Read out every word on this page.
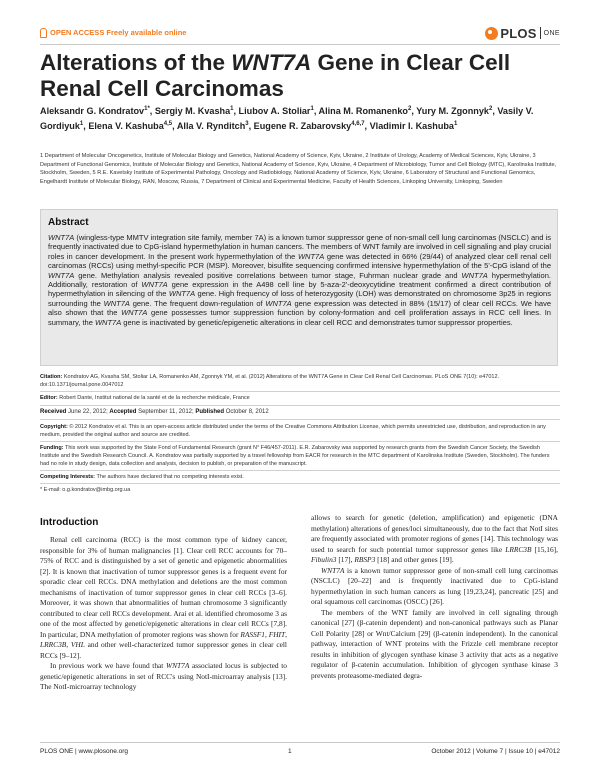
OPEN ACCESS Freely available online	PLOS ONE
Alterations of the WNT7A Gene in Clear Cell Renal Cell Carcinomas
Aleksandr G. Kondratov$^{1*}$, Sergiy M. Kvasha$^1$, Liubov A. Stoliar$^1$, Alina M. Romanenko$^2$, Yury M. Zgonnyk$^2$, Vasily V. Gordiyuk$^1$, Elena V. Kashuba$^{4,5}$, Alla V. Rynditch$^3$, Eugene R. Zabarovsky$^{4,6,7}$, Vladimir I. Kashuba$^1$
1 Department of Molecular Oncogenetics, Institute of Molecular Biology and Genetics, National Academy of Science, Kyiv, Ukraine, 2 Institute of Urology, Academy of Medical Sciences, Kyiv, Ukraine, 3 Department of Functional Genomics, Institute of Molecular Biology and Genetics, National Academy of Science, Kyiv, Ukraine, 4 Department of Microbiology, Tumor and Cell Biology (MTC), Karolinska Institute, Stockholm, Sweden, 5 R.E. Kavetsky Institute of Experimental Pathology, Oncology and Radiobiology, National Academy of Science, Kyiv, Ukraine, 6 Laboratory of Structural and Functional Genomics, Engelhardt Institute of Molecular Biology, RAN, Moscow, Russia, 7 Department of Clinical and Experimental Medicine, Faculty of Health Sciences, Linkoping University, Linkoping, Sweden
Abstract
WNT7A (wingless-type MMTV integration site family, member 7A) is a known tumor suppressor gene of non-small cell lung carcinomas (NSCLC) and is frequently inactivated due to CpG-island hypermethylation in human cancers. The members of WNT family are involved in cell signaling and play crucial roles in cancer development. In the present work hypermethylation of the WNT7A gene was detected in 66% (29/44) of analyzed clear cell renal cell carcinomas (RCCs) using methyl-specific PCR (MSP). Moreover, bisulfite sequencing confirmed intensive hypermethylation of the 5'-CpG island of the WNT7A gene. Methylation analysis revealed positive correlations between tumor stage, Fuhrman nuclear grade and WNT7A hypermethylation. Additionally, restoration of WNT7A gene expression in the A498 cell line by 5-aza-2'-deoxycytidine treatment confirmed a direct contribution of hypermethylation in silencing of the WNT7A gene. High frequency of loss of heterozygosity (LOH) was demonstrated on chromosome 3p25 in regions surrounding the WNT7A gene. The frequent down-regulation of WNT7A gene expression was detected in 88% (15/17) of clear cell RCCs. We have also shown that the WNT7A gene possesses tumor suppression function by colony-formation and cell proliferation assays in RCC cell lines. In summary, the WNT7A gene is inactivated by genetic/epigenetic alterations in clear cell RCC and demonstrates tumor suppressor properties.
Citation: Kondratov AG, Kvasha SM, Stoliar LA, Romanenko AM, Zgonnyk YM, et al. (2012) Alterations of the WNT7A Gene in Clear Cell Renal Cell Carcinomas. PLoS ONE 7(10): e47012. doi:10.1371/journal.pone.0047012
Editor: Robert Dante, Institut national de la santé et de la recherche médicale, France
Received June 22, 2012; Accepted September 11, 2012; Published October 8, 2012
Copyright: © 2012 Kondratov et al. This is an open-access article distributed under the terms of the Creative Commons Attribution License, which permits unrestricted use, distribution, and reproduction in any medium, provided the original author and source are credited.
Funding: This work was supported by the State Fond of Fundamental Research (grant N° F46/457-2011). E.R. Zabarovsky was supported by research grants from the Swedish Cancer Society, the Swedish Institute and the Swedish Research Council. A. Kondratov was partially supported by a travel fellowship from EACR for research in the MTC department of Karolinska Institute (Sweden, Stockholm). The funders had no role in study design, data collection and analysis, decision to publish, or preparation of the manuscript.
Competing Interests: The authors have declared that no competing interests exist.
* E-mail: o.g.kondratov@imbg.org.ua
Introduction

Renal cell carcinoma (RCC) is the most common type of kidney cancer, responsible for 3% of human malignancies [1]. Clear cell RCC accounts for 70–75% of RCC and is distinguished by a set of genetic and epigenetic abnormalities [2]. It is known that inactivation of tumor suppressor genes is a frequent event for sporadic clear cell RCCs. DNA methylation and deletions are the most common mechanisms of inactivation of tumor suppressor genes in clear cell RCCs [3–6]. Moreover, it was shown that abnormalities of human chromosome 3 significantly contributed to clear cell RCCs development. Arai et al. identified chromosome 3 as one of the most affected by genetic/epigenetic alterations in clear cell RCCs [7,8]. In particular, DNA methylation of promoter regions was shown for RASSF1, FHIT, LRRC3B, VHL and other well-characterized tumor suppressor genes in clear cell RCCs [9–12].

In previous work we have found that WNT7A associated locus is subjected to genetic/epigenetic alterations in set of RCC's using NotI-microarray analysis [13]. The NotI-microarray technology

allows to search for genetic (deletion, amplification) and epigenetic (DNA methylation) alterations of genes/loci simultaneously, due to the fact that NotI sites are frequently associated with promoter regions of genes [14]. This technology was used to search for such potential tumor suppressor genes like LRRC3B [15,16], Fibulin3 [17], RBSP3 [18] and other genes [19].

WNT7A is a known tumor suppressor gene of non-small cell lung carcinomas (NSCLC) [20–22] and is frequently inactivated due to CpG-island hypermethylation in such human cancers as lung [19,23,24], pancreatic [25] and oral squamous cell carcinomas (OSCC) [26].

The members of the WNT family are involved in cell signaling through canonical [27] (β-catenin dependent) and non-canonical pathways such as Planar Cell Polarity [28] or Wnt/Calcium [29] (β-catenin independent). In the canonical pathway, interaction of WNT proteins with the Frizzle cell membrane receptor results in inhibition of glycogen synthase kinase 3 activity that acts as a negative regulator of β-catenin accumulation. Inhibition of glycogen synthase kinase 3 prevents proteasome-mediated degra-

PLOS ONE | www.plosone.org	1	October 2012 | Volume 7 | Issue 10 | e47012
